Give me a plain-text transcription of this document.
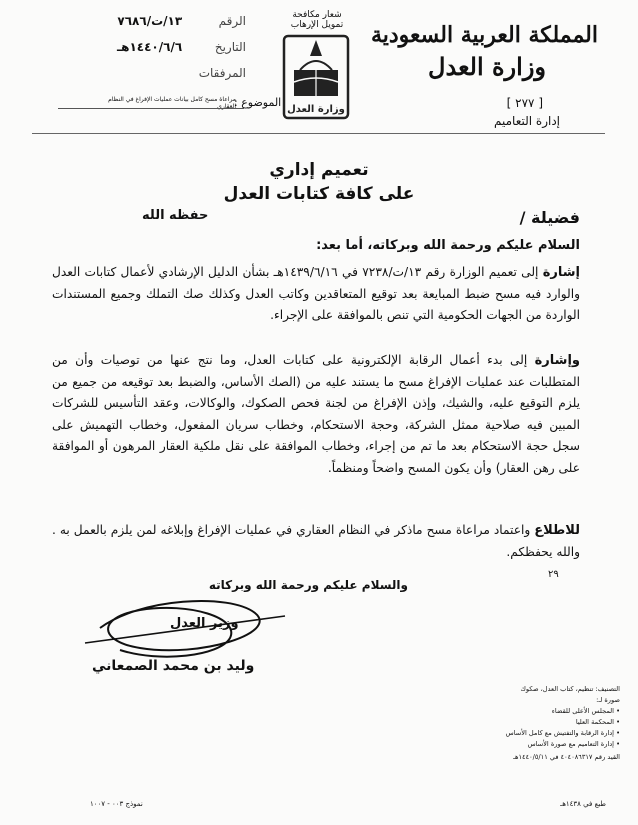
المملكة العربية السعودية
وزارة العدل
[ ٢٧٧ ]
إدارة التعاميم
شعار مكافحة تمويل الإرهاب
وزارة العدل
الرقم ١٣/ت/٧٦٨٦
التاريخ ١٤٤٠/٦/٦هـ
المرفقات
الموضوع :
مراعاة مسح كامل بيانات عمليات الإفراغ في النظام العقاري
تعميم إداري
على كافة كتابات العدل
فضيلة /
حفظه الله
السلام عليكم ورحمة الله وبركاته، أما بعد:
إشارة إلى تعميم الوزارة رقم ١٣/ت/٧٢٣٨ في ١٤٣٩/٦/١٦هـ بشأن الدليل الإرشادي لأعمال كتابات العدل والوارد فيه مسح ضبط المبايعة بعد توقيع المتعاقدين وكاتب العدل وكذلك صك التملك وجميع المستندات الواردة من الجهات الحكومية التي تنص بالموافقة على الإجراء.
وإشارة إلى بدء أعمال الرقابة الإلكترونية على كتابات العدل، وما نتج عنها من توصيات وأن من المتطلبات عند عمليات الإفراغ مسح ما يستند عليه من (الصك الأساس، والضبط بعد توقيعه من جميع من يلزم التوقيع عليه، والشيك، وإذن الإفراغ من لجنة فحص الصكوك، والوكالات، وعقد التأسيس للشركات المبين فيه صلاحية ممثل الشركة، وحجة الاستحكام، وخطاب سريان المفعول، وخطاب التهميش على سجل حجة الاستحكام بعد ما تم من إجراء، وخطاب الموافقة على نقل ملكية العقار المرهون أو الموافقة على رهن العقار) وأن يكون المسح واضحاً ومنظماً.
للاطلاع واعتماد مراعاة مسح ماذكر في النظام العقاري في عمليات الإفراغ وإبلاغه لمن يلزم بالعمل به . والله يحفظكم.
٢٩
والسلام عليكم ورحمة الله وبركاته
وزير العدل
وليد بن محمد الصمعاني
التصنيف: تنظيم، كتاب العدل، صكوك
صورة لـ:
• المجلس الأعلى للقضاء
• المحكمة العليا
• إدارة الرقابة والتفتيش مع كامل الأساس
• إدارة التعاميم مع صورة الأساس
القيد رقم ٤٠٤٠٨٦٣١٧ في ١٤٤٠/٥/١١هـ
نموذج ٠٠٣ - ١٠٠٧	طبع في ١٤٣٨هـ
